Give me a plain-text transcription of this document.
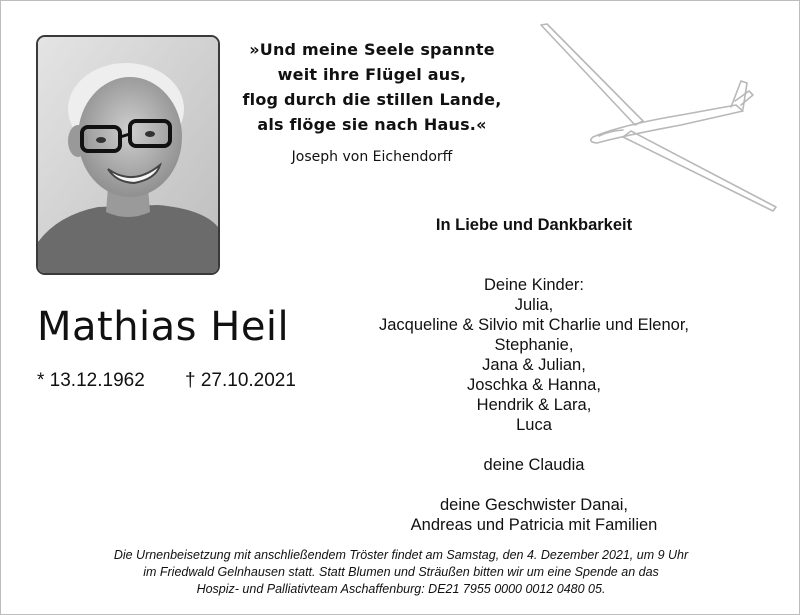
»Und meine Seele spannte
weit ihre Flügel aus,
flog durch die stillen Lande,
als flöge sie nach Haus.«
Joseph von Eichendorff
Mathias Heil
* 13.12.1962 † 27.10.2021
In Liebe und Dankbarkeit
Deine Kinder:
Julia,
Jacqueline & Silvio mit Charlie und Elenor,
Stephanie,
Jana & Julian,
Joschka & Hanna,
Hendrik & Lara,
Luca
deine Claudia
deine Geschwister Danai,
Andreas und Patricia mit Familien
Die Urnenbeisetzung mit anschließendem Tröster findet am Samstag, den 4. Dezember 2021, um 9 Uhr
im Friedwald Gelnhausen statt. Statt Blumen und Sträußen bitten wir um eine Spende an das
Hospiz- und Palliativteam Aschaffenburg: DE21 7955 0000 0012 0480 05.
